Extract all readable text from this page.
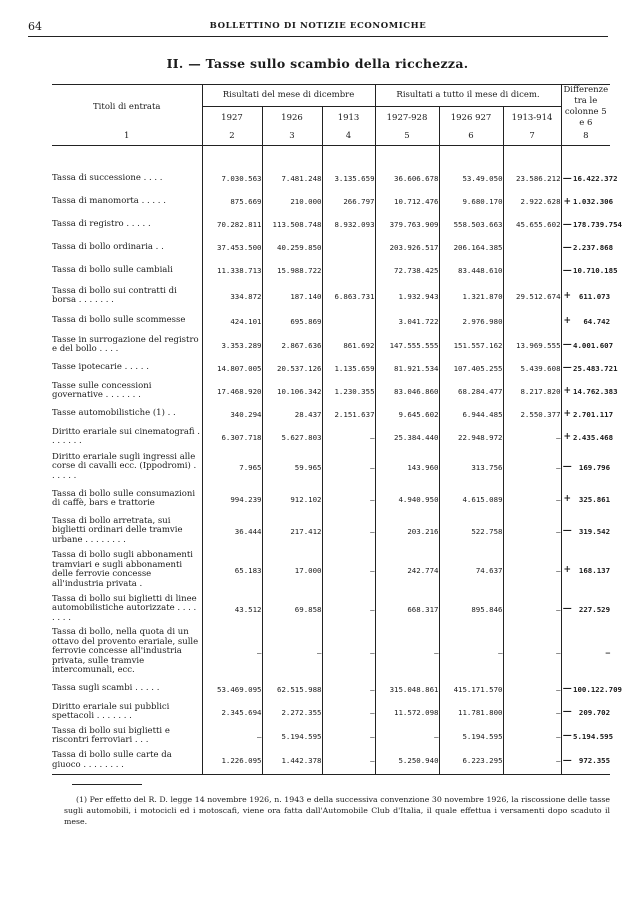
64	BOLLETTINO DI NOTIZIE ECONOMICHE
II. — Tasse sullo scambio della ricchezza.
Titoli di entrata	Risultati del mese di dicembre			Risultati a tutto il mese di dicem.			Differenze tra le colonne 5 e 6	
	1927	1926	1913	1927-928	1926 927	1913-914		
1	2	3	4	5	6	7	8	

Tassa di successione . . . .	7.030.563	7.481.248	3.135.659	36.606.678	53.49.050	23.586.212	—	16.422.372
Tassa di manomorta . . . . .	875.669	210.000	266.797	10.712.476	9.680.170	2.922.628	+	1.032.306
Tassa di registro . . . . .	70.282.811	113.508.748	8.932.093	379.763.909	558.503.663	45.655.602	—	178.739.754
Tassa di bollo ordinaria . .	37.453.500	40.259.850		203.926.517	206.164.385		—	2.237.868
Tassa di bollo sulle cambiali	11.338.713	15.988.722		72.738.425	83.448.610		—	10.710.185
Tassa di bollo sui contratti di borsa . . . . . . .	334.872	187.140	6.863.731	1.932.943	1.321.870	29.512.674	+	611.073
Tassa di bollo sulle scommesse	424.101	695.869		3.041.722	2.976.980		+	64.742
Tasse in surrogazione del registro e del bollo . . . .	3.353.289	2.867.636	861.692	147.555.555	151.557.162	13.969.555	—	4.001.607
Tasse ipotecarie . . . . .	14.807.005	20.537.126	1.135.659	81.921.534	107.405.255	5.439.608	—	25.483.721
Tasse sulle concessioni governative . . . . . . .	17.468.920	10.106.342	1.230.355	83.046.860	68.284.477	8.217.820	+	14.762.383
Tasse automobilistiche (1) . .	340.294	28.437	2.151.637	9.645.602	6.944.485	2.550.377	+	2.701.117
Diritto erariale sui cinematografi . . . . . . .	6.307.718	5.627.803	—	25.384.440	22.948.972	—	+	2.435.468
Diritto erariale sugli ingressi alle corse di cavalli ecc. (Ippodromi) . . . . . .	7.965	59.965	—	143.960	313.756	—	—	169.796
Tassa di bollo sulle consumazioni di caffè, bars e trattorie	994.239	912.102	—	4.940.950	4.615.089	—	+	325.861
Tassa di bollo arretrata, sui biglietti ordinari delle tramvie urbane . . . . . . . .	36.444	217.412	—	203.216	522.758	—	—	319.542
Tassa di bollo sugli abbonamenti tramviari e sugli abbonamenti delle ferrovie concesse all'industria privata .	65.183	17.000	—	242.774	74.637	—	+	168.137
Tassa di bollo sui biglietti di linee automobilistiche autorizzate . . . . . . . .	43.512	69.858	—	668.317	895.846	—	—	227.529
Tassa di bollo, nella quota di un ottavo del provento erariale, sulle ferrovie concesse all'industria privata, sulle tramvie intercomunali, ecc.	—	—	—	—	—	—		—
Tassa sugli scambi . . . . .	53.469.095	62.515.988	—	315.048.861	415.171.570	—	—	100.122.709
Diritto erariale sui pubblici spettacoli . . . . . . .	2.345.694	2.272.355	—	11.572.098	11.781.800	—	—	209.702
Tassa di bollo sui biglietti e riscontri ferroviari . . .	—	5.194.595	—	—	5.194.595	—	—	5.194.595
Tassa di bollo sulle carte da giuoco . . . . . . . .	1.226.095	1.442.378	—	5.250.940	6.223.295	—	—	972.355
(1) Per effetto del R. D. legge 14 novembre 1926, n. 1943 e della successiva convenzione 30 novembre 1926, la riscossione delle tasse sugli automobili, i motocicli ed i motoscafi, viene ora fatta dall'Automobile Club d'Italia, il quale effettua i versamenti dopo scaduto il mese.
